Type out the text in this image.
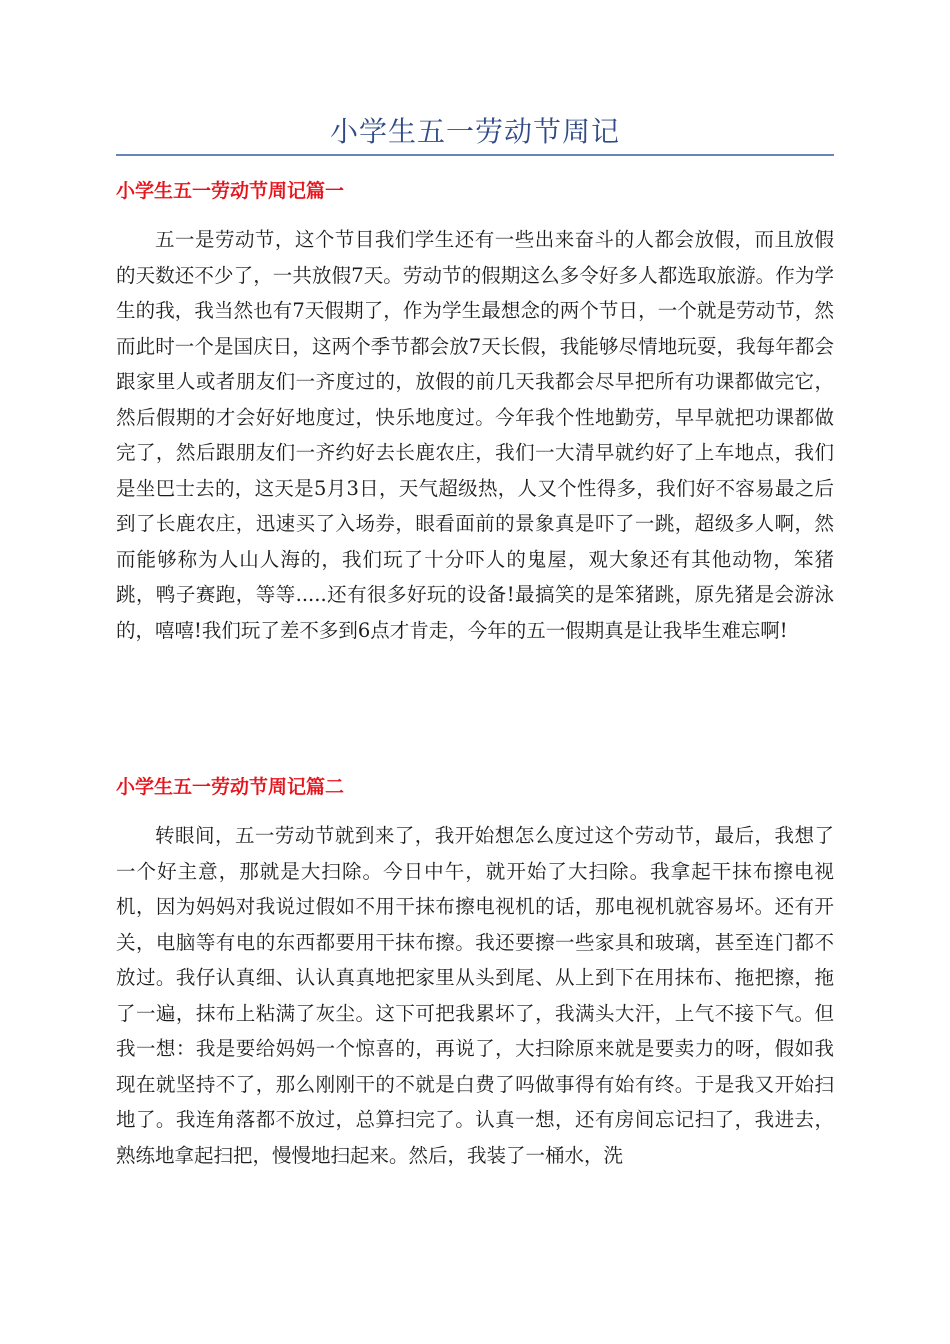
小学生五一劳动节周记
小学生五一劳动节周记篇一

五一是劳动节，这个节目我们学生还有一些出来奋斗的人都会放假，而且放假的天数还不少了，一共放假7天。劳动节的假期这么多令好多人都选取旅游。作为学生的我，我当然也有7天假期了，作为学生最想念的两个节日，一个就是劳动节，然而此时一个是国庆日，这两个季节都会放7天长假，我能够尽情地玩耍，我每年都会跟家里人或者朋友们一齐度过的，放假的前几天我都会尽早把所有功课都做完它，然后假期的才会好好地度过，快乐地度过。今年我个性地勤劳，早早就把功课都做完了，然后跟朋友们一齐约好去长鹿农庄，我们一大清早就约好了上车地点，我们是坐巴士去的，这天是5月3日，天气超级热，人又个性得多，我们好不容易最之后到了长鹿农庄，迅速买了入场券，眼看面前的景象真是吓了一跳，超级多人啊，然而能够称为人山人海的，我们玩了十分吓人的鬼屋，观大象还有其他动物，笨猪跳，鸭子赛跑，等等.....还有很多好玩的设备!最搞笑的是笨猪跳，原先猪是会游泳的，嘻嘻!我们玩了差不多到6点才肯走，今年的五一假期真是让我毕生难忘啊!

小学生五一劳动节周记篇二

转眼间，五一劳动节就到来了，我开始想怎么度过这个劳动节，最后，我想了一个好主意，那就是大扫除。今日中午，就开始了大扫除。我拿起干抹布擦电视机，因为妈妈对我说过假如不用干抹布擦电视机的话，那电视机就容易坏。还有开关，电脑等有电的东西都要用干抹布擦。我还要擦一些家具和玻璃，甚至连门都不放过。我仔认真细、认认真真地把家里从头到尾、从上到下在用抹布、拖把擦，拖了一遍，抹布上粘满了灰尘。这下可把我累坏了，我满头大汗，上气不接下气。但我一想：我是要给妈妈一个惊喜的，再说了，大扫除原来就是要卖力的呀，假如我现在就坚持不了，那么刚刚干的不就是白费了吗做事得有始有终。于是我又开始扫地了。我连角落都不放过，总算扫完了。认真一想，还有房间忘记扫了，我进去，熟练地拿起扫把，慢慢地扫起来。然后，我装了一桶水，洗
